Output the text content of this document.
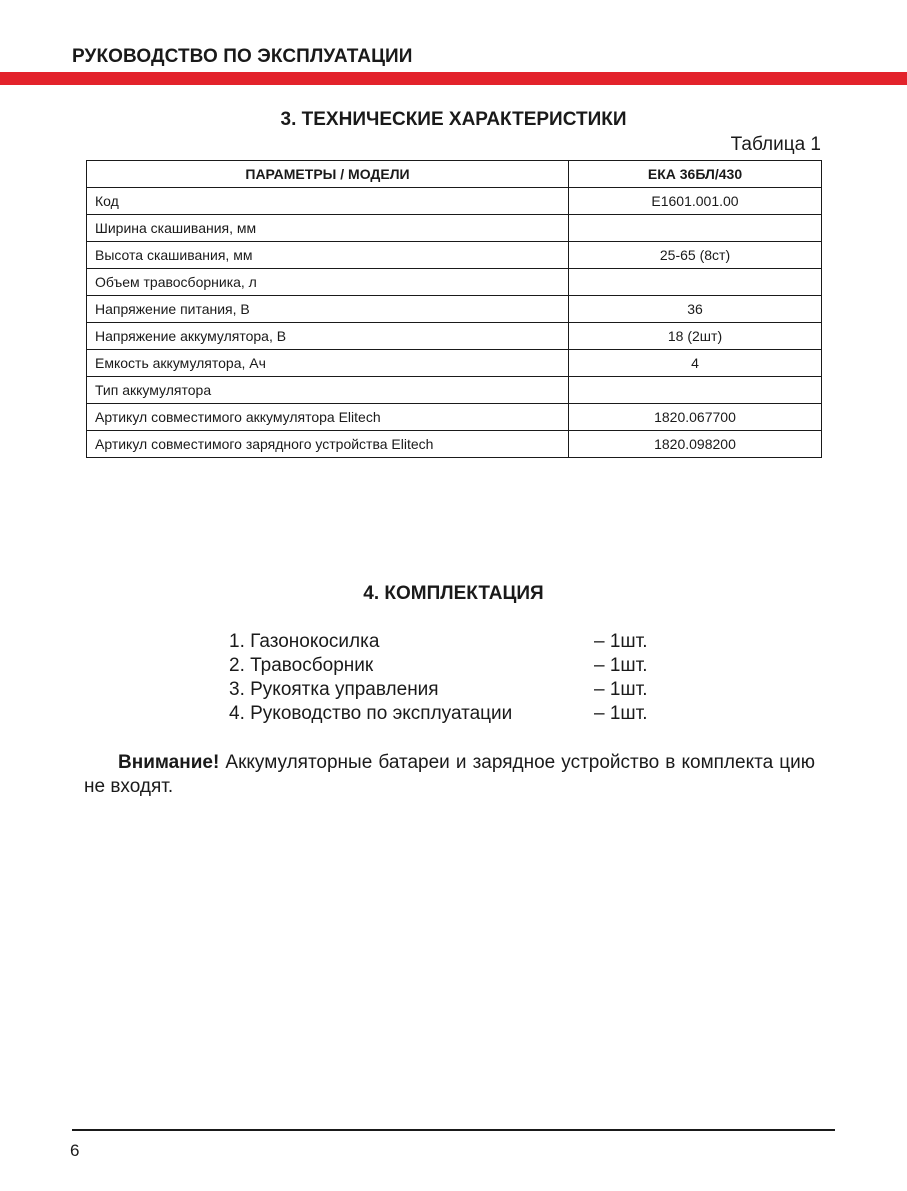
РУКОВОДСТВО ПО ЭКСПЛУАТАЦИИ
3. ТЕХНИЧЕСКИЕ ХАРАКТЕРИСТИКИ
Таблица 1
ПАРАМЕТРЫ / МОДЕЛИ	ЕКА 36БЛ/430
Код	Е1601.001.00
Ширина скашивания, мм	
Высота скашивания, мм	25-65 (8ст)
Объем травосборника, л	
Напряжение питания, В	36
Напряжение аккумулятора, В	18 (2шт)
Емкость аккумулятора, Ач	4
Тип аккумулятора	
Артикул совместимого аккумулятора Elitech	1820.067700
Артикул совместимого зарядного устройства Elitech	1820.098200
4. КОМПЛЕКТАЦИЯ
1. Газонокосилка	– 1шт.
2. Травосборник	– 1шт.
3. Рукоятка управления	– 1шт.
4. Руководство по эксплуатации	– 1шт.
Внимание! Аккумуляторные батареи и зарядное устройство в комплекта цию не входят.
6
